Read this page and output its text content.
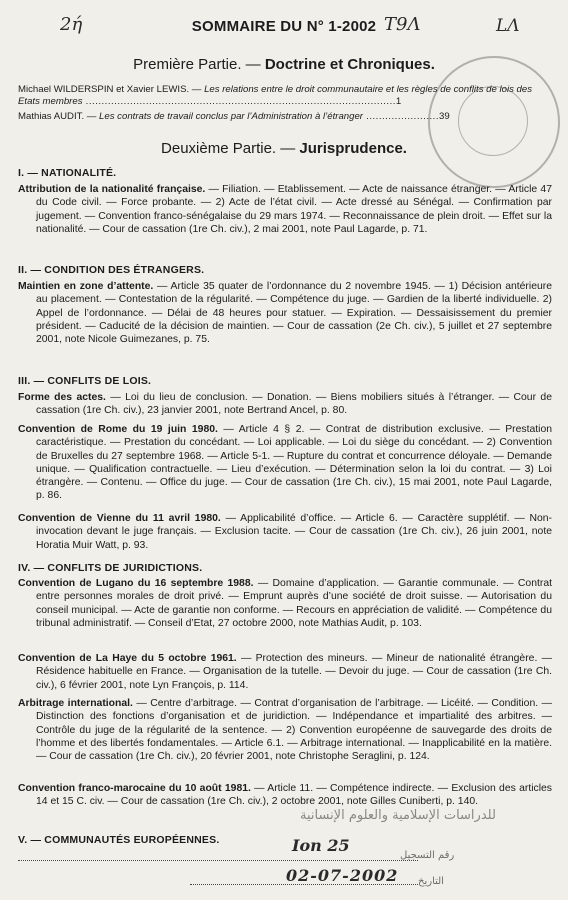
2ή	T9Λ	LΛ
SOMMAIRE DU N° 1-2002
Première Partie. — Doctrine et Chroniques.
Michael WILDERSPIN et Xavier LEWIS. — Les relations entre le droit communautaire et les règles de conflits de lois des Etats membres ..................................................................................................1
Mathias AUDIT. — Les contrats de travail conclus par l’Administration à l’étranger .......................39
Deuxième Partie. — Jurisprudence.
I. — NATIONALITÉ.
Attribution de la nationalité française. — Filiation. — Etablissement. — Acte de naissance étranger. — Article 47 du Code civil. — Force probante. — 2) Acte de l’état civil. — Acte dressé au Sénégal. — Confirmation par jugement. — Convention franco-sénégalaise du 29 mars 1974. — Reconnaissance de plein droit. — Effet sur la nationalité. — Cour de cassation (1re Ch. civ.), 2 mai 2001, note Paul Lagarde, p. 71.
II. — CONDITION DES ÉTRANGERS.
Maintien en zone d’attente. — Article 35 quater de l’ordonnance du 2 novembre 1945. — 1) Décision antérieure au placement. — Contestation de la régularité. — Compétence du juge. — Gardien de la liberté individuelle. 2) Appel de l’ordonnance. — Délai de 48 heures pour statuer. — Expiration. — Dessaisissement du premier président. — Caducité de la décision de maintien. — Cour de cassation (2e Ch. civ.), 5 juillet et 27 septembre 2001, note Nicole Guimezanes, p. 75.
III. — CONFLITS DE LOIS.
Forme des actes. — Loi du lieu de conclusion. — Donation. — Biens mobiliers situés à l’étranger. — Cour de cassation (1re Ch. civ.), 23 janvier 2001, note Bertrand Ancel, p. 80.
Convention de Rome du 19 juin 1980. — Article 4 § 2. — Contrat de distribution exclusive. — Prestation caractéristique. — Prestation du concédant. — Loi applicable. — Loi du siège du concédant. — 2) Convention de Bruxelles du 27 septembre 1968. — Article 5-1. — Rupture du contrat et concurrence déloyale. — Demande unique. — Qualification contractuelle. — Lieu d’exécution. — Détermination selon la loi du contrat. — 3) Loi étrangère. — Contenu. — Office du juge. — Cour de cassation (1re Ch. civ.), 15 mai 2001, note Paul Lagarde, p. 86.
Convention de Vienne du 11 avril 1980. — Applicabilité d’office. — Article 6. — Caractère supplétif. — Non-invocation devant le juge français. — Exclusion tacite. — Cour de cassation (1re Ch. civ.), 26 juin 2001, note Horatia Muir Watt, p. 93.
IV. — CONFLITS DE JURIDICTIONS.
Convention de Lugano du 16 septembre 1988. — Domaine d’application. — Garantie communale. — Contrat entre personnes morales de droit privé. — Emprunt auprès d’une société de droit suisse. — Autorisation du conseil municipal. — Acte de garantie non conforme. — Recours en appréciation de validité. — Compétence du tribunal administratif. — Conseil d’Etat, 27 octobre 2000, note Mathias Audit, p. 103.
Convention de La Haye du 5 octobre 1961. — Protection des mineurs. — Mineur de nationalité étrangère. — Résidence habituelle en France. — Organisation de la tutelle. — Devoir du juge. — Cour de cassation (1re Ch. civ.), 6 février 2001, note Lyn François, p. 114.
Arbitrage international. — Centre d’arbitrage. — Contrat d’organisation de l’arbitrage. — Licéité. — Condition. — Distinction des fonctions d’organisation et de juridiction. — Indépendance et impartialité des arbitres. — Contrôle du juge de la régularité de la sentence. — 2) Convention européenne de sauvegarde des droits de l’homme et des libertés fondamentales. — Article 6.1. — Arbitrage international. — Inapplicabilité en la matière. — Cour de cassation (1re Ch. civ.), 20 février 2001, note Christophe Seraglini, p. 124.
Convention franco-marocaine du 10 août 1981. — Article 11. — Compétence indirecte. — Exclusion des articles 14 et 15 C. civ. — Cour de cassation (1re Ch. civ.), 2 octobre 2001, note Gilles Cuniberti, p. 140.
V. — COMMUNAUTÉS EUROPÉENNES.
للدراسات الإسلامية والعلوم الإنسانية
رقم التسجيل
التاريخ
Ion 25
02-07-2002
